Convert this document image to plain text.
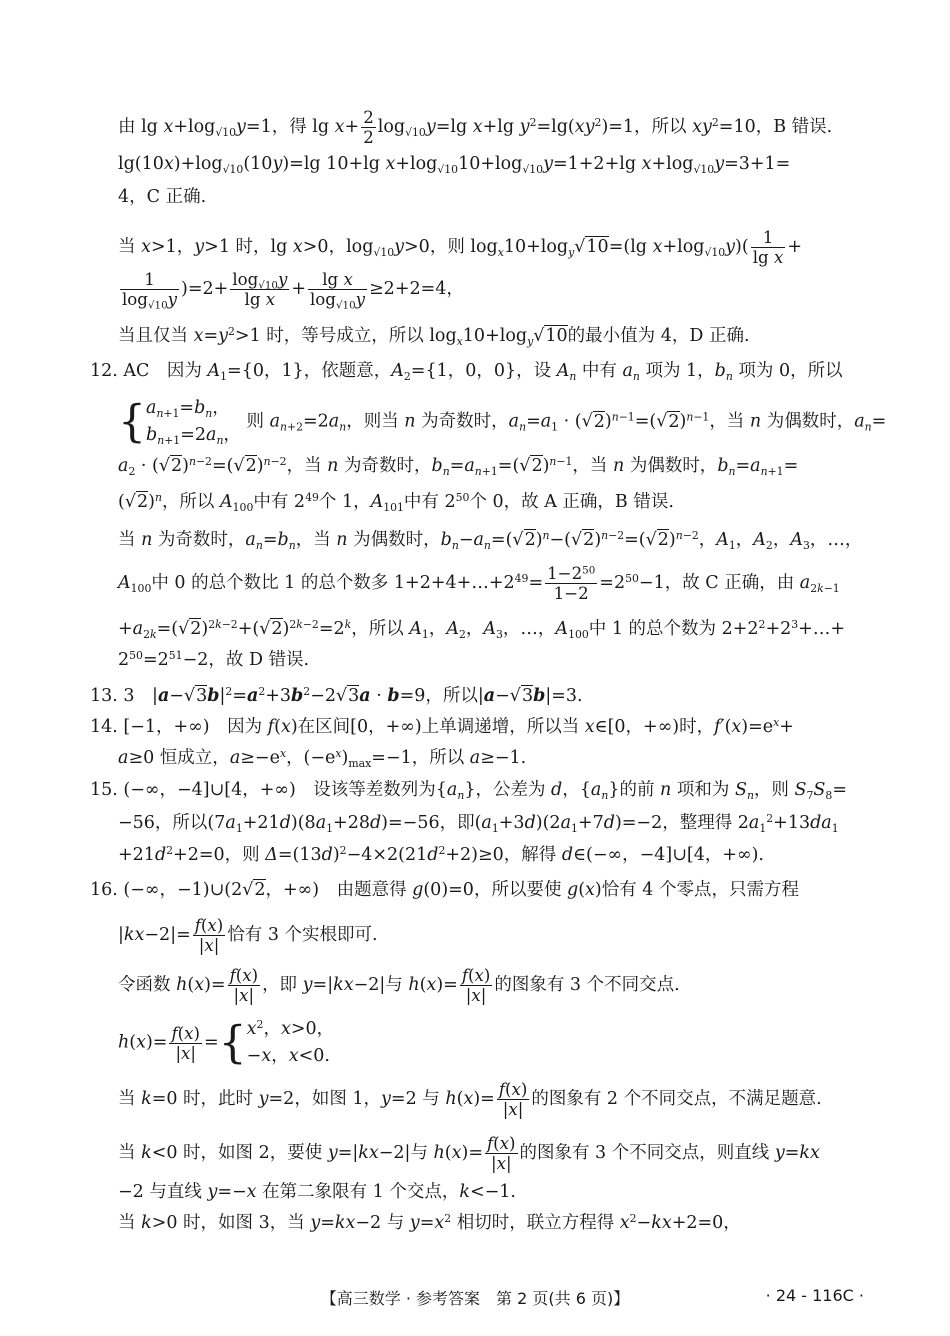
由 $\lg x+\log_{√10}y=1$，得 $\lg x+ \frac{2}{2} \log_{√10}y=\lg$ x+lg $y^2=\lg(xy^2)=1$，所以 $xy^2=10$，B 错误.
$\lg(10x)+\log_{√10}(10y)=\lg$ 10+lg $x+\log_{√10}10+\log_{√10}y=1+2+\lg$ $x+\log_{√10}y=3+1=$
4，C 正确.
当 x>1，y>1 时，lg x>0，$\log_{√10}y>0$，则 $\log_x10+\log_y√10=(\lg$ $x+\log_{√10}y)( \frac{1}{\text{lg x}}$ +
$\frac{1}{\log_{√10}y} )=2+ \frac{\log_{√10}y}{\text{lg x}} + \frac{\text{lg x}}{\log_{√10}y} \ge 2+2=4$，
当且仅当 $x=y^2>1$ 时，等号成立，所以 $\log_x10+\log_y√10$的最小值为 4，D 正确.
12. AC　因为 $A_1=\{0$，1}，依题意，$A_2=\{1$，0，0}，设 $A_n$ 中有 $a_n$ 项为 1，$b_n$ 项为 0，所以
{$a_{n+1}=b_n$，
$b_{n+1}=2a_n$， 则 $a_{n+2}=2a_n$，则当 n 为奇数时，$a_n=a_1 \cdot (√2)^{n-1}=(√2)^{n-1}$，当 n 为偶数时，$a_n=$
$a_2 \cdot (√2)^{n-2}=(√2)^{n-2}$，当 n 为奇数时，$b_n=a_{n+1}=(√2)^{n-1}$，当 n 为偶数时，$b_n=a_{n+1}=$
$(√2)^n$，所以 $A_{100}$中有 $2^{49}$个 1，$A_{101}$中有 $2^{50}$个 0，故 A 正确，B 错误.
当 n 为奇数时，$a_n=b_n$，当 n 为偶数时，$b_n-a_n=(√2)^n-(√2)^{n-2}=(√2)^{n-2}$，$A_1$，$A_2$，$A_3$，…，
$A_{100}$中 0 的总个数比 1 的总个数多 $1+2+4+\dots+2^{49}= \frac{1-2^{50}}{1-2} =2^{50}-1$，故 C 正确，由 $a_{2k-1}$
$+a_{2k}=(√2)^{2k-2}+(√2)^{2k-2}=2^k$，所以 $A_1$，$A_2$，$A_3$，…，$A_{100}$中 1 的总个数为 $2+2^2+2^3+\dots+$
$2^{50}=2^{51}-2$，故 D 错误.
13. 3　$|a-√3b|^2=a^2+3b^2-2√3a \cdot b=9$，所以|a−√3b|=3.
14. [−1，+∞)　因为 f(x)在区间[0，+∞)上单调递增，所以当 x∈[0，+∞)时，$f'(x)=e^x+$
a≥0 恒成立，$a\ge-e^x$，$(-e^x)_{max}=-1$，所以 a≥−1.
15. (−∞，−4]∪[4，+∞)　设该等差数列为$\{a_n\}$，公差为 d，$\{a_n\}$的前 n 项和为 $S_n$，则 $S_7S_8=$
−56，所以$(7a_1+21d)(8a_1+28d)=-56$，即$(a_1+3d)(2a_1+7d)=-2$，整理得 $2a_1^2+13da_1$
$+21d^2+2=0$，则 $\Delta=(13d)^2-4\times 2(21d^2+2)\ge 0$，解得 d∈(−∞，−4]∪[4，+∞).
16. (−∞，−1)∪(2√2，+∞)　由题意得 g(0)=0，所以要使 g(x)恰有 4 个零点，只需方程
$|kx-2|= \frac{f(x)}{|x|}$ 恰有 3 个实根即可.
令函数 $h(x)= \frac{f(x)}{|x|}$ ，即 y=|kx−2|与 $h(x)= \frac{f(x)}{|x|}$ 的图象有 3 个不同交点.
$h(x)= \frac{f(x)}{|x|} =\{x^2$，x>0，
−x，x<0.
当 k=0 时，此时 y=2，如图 1，y=2 与 $h(x)= \frac{f(x)}{|x|}$ 的图象有 2 个不同交点，不满足题意.
当 k<0 时，如图 2，要使 y=|kx−2|与 $h(x)= \frac{f(x)}{|x|}$ 的图象有 3 个不同交点，则直线 y=kx
−2 与直线 y=−x 在第二象限有 1 个交点，k<−1.
当 k>0 时，如图 3，当 y=kx−2 与 $y=x^2$ 相切时，联立方程得 $x^2-kx+2=0$，
【高三数学 · 参考答案　第 2 页(共 6 页)】	· 24 - 116C ·
